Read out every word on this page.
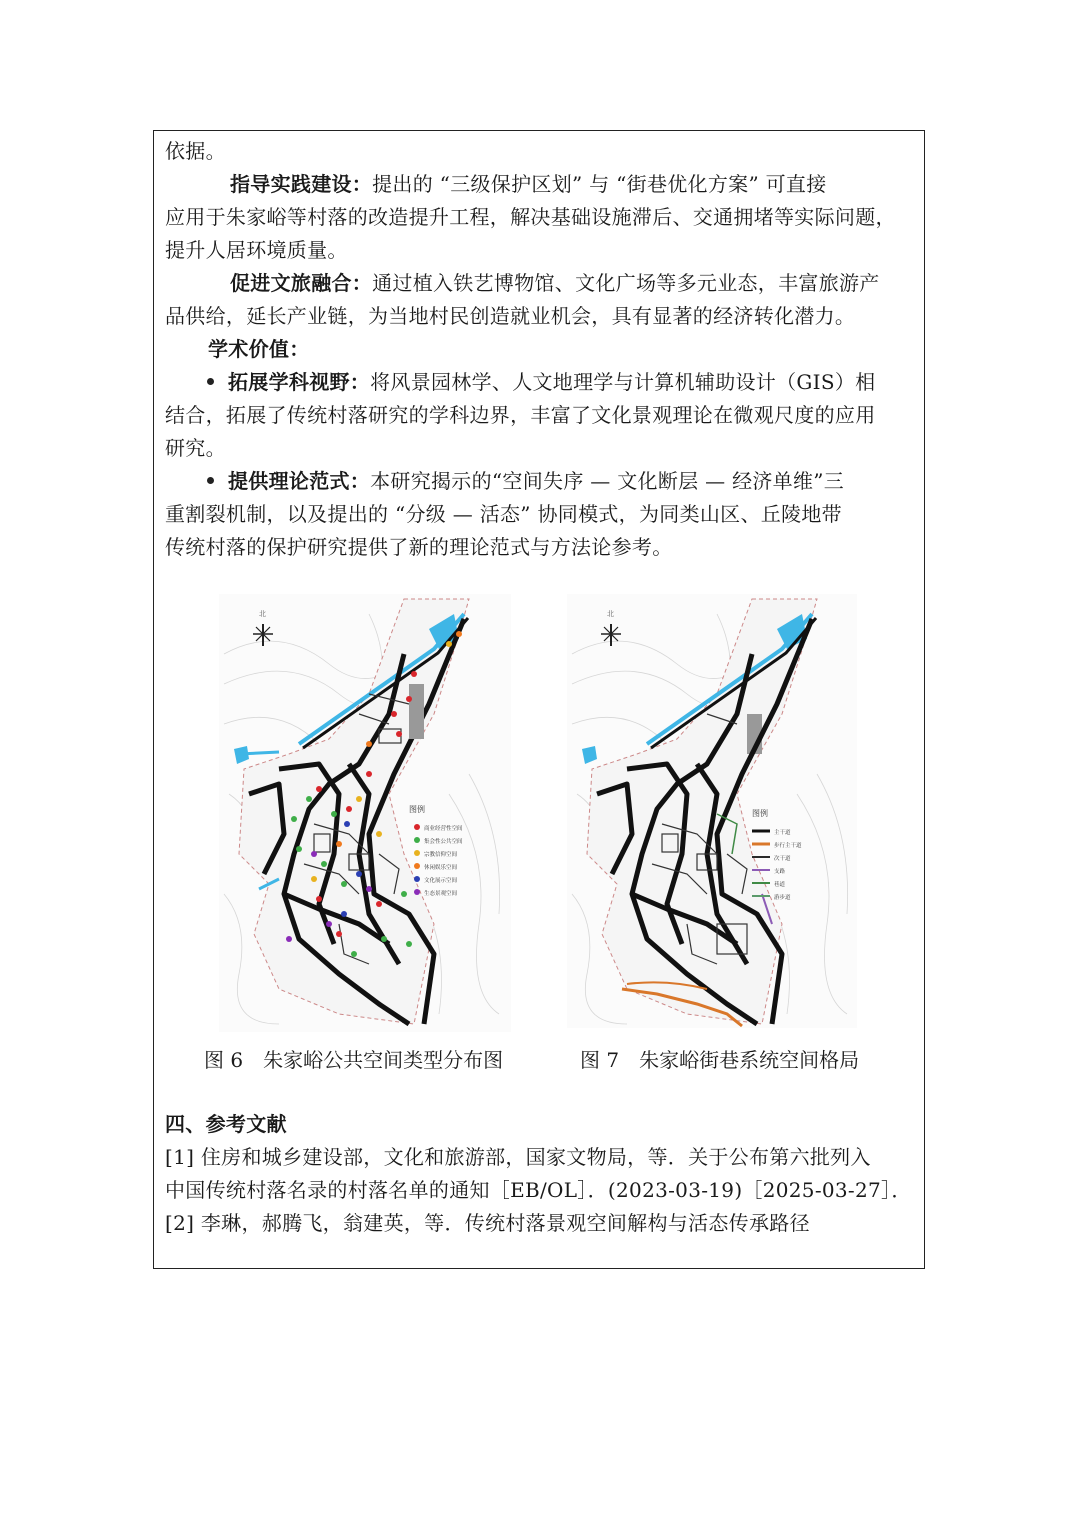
依据。
指导实践建设：提出的 “三级保护区划” 与 “街巷优化方案” 可直接
应用于朱家峪等村落的改造提升工程，解决基础设施滞后、交通拥堵等实际问题，
提升人居环境质量。
促进文旅融合：通过植入铁艺博物馆、文化广场等多元业态，丰富旅游产
品供给，延长产业链，为当地村民创造就业机会，具有显著的经济转化潜力。
学术价值：
拓展学科视野：将风景园林学、人文地理学与计算机辅助设计（GIS）相
结合，拓展了传统村落研究的学科边界，丰富了文化景观理论在微观尺度的应用
研究。
提供理论范式：本研究揭示的“空间失序 — 文化断层 — 经济单维”三
重割裂机制，以及提出的 “分级 — 活态” 协同模式，为同类山区、丘陵地带
传统村落的保护研究提供了新的理论范式与方法论参考。
北
图例
商业经营性空间
集会性公共空间
宗教信仰空间
休闲娱乐空间
文化展示空间
生态景观空间
图 6　朱家峪公共空间类型分布图
北
图例
主干道
步行主干道
次干道
支路
巷道
游步道
图 7　朱家峪街巷系统空间格局
四、参考文献
[1] 住房和城乡建设部，文化和旅游部，国家文物局，等．关于公布第六批列入
中国传统村落名录的村落名单的通知［EB/OL］．(2023-03-19)［2025-03-27］．
[2] 李琳，郝腾飞，翁建英，等．传统村落景观空间解构与活态传承路径
